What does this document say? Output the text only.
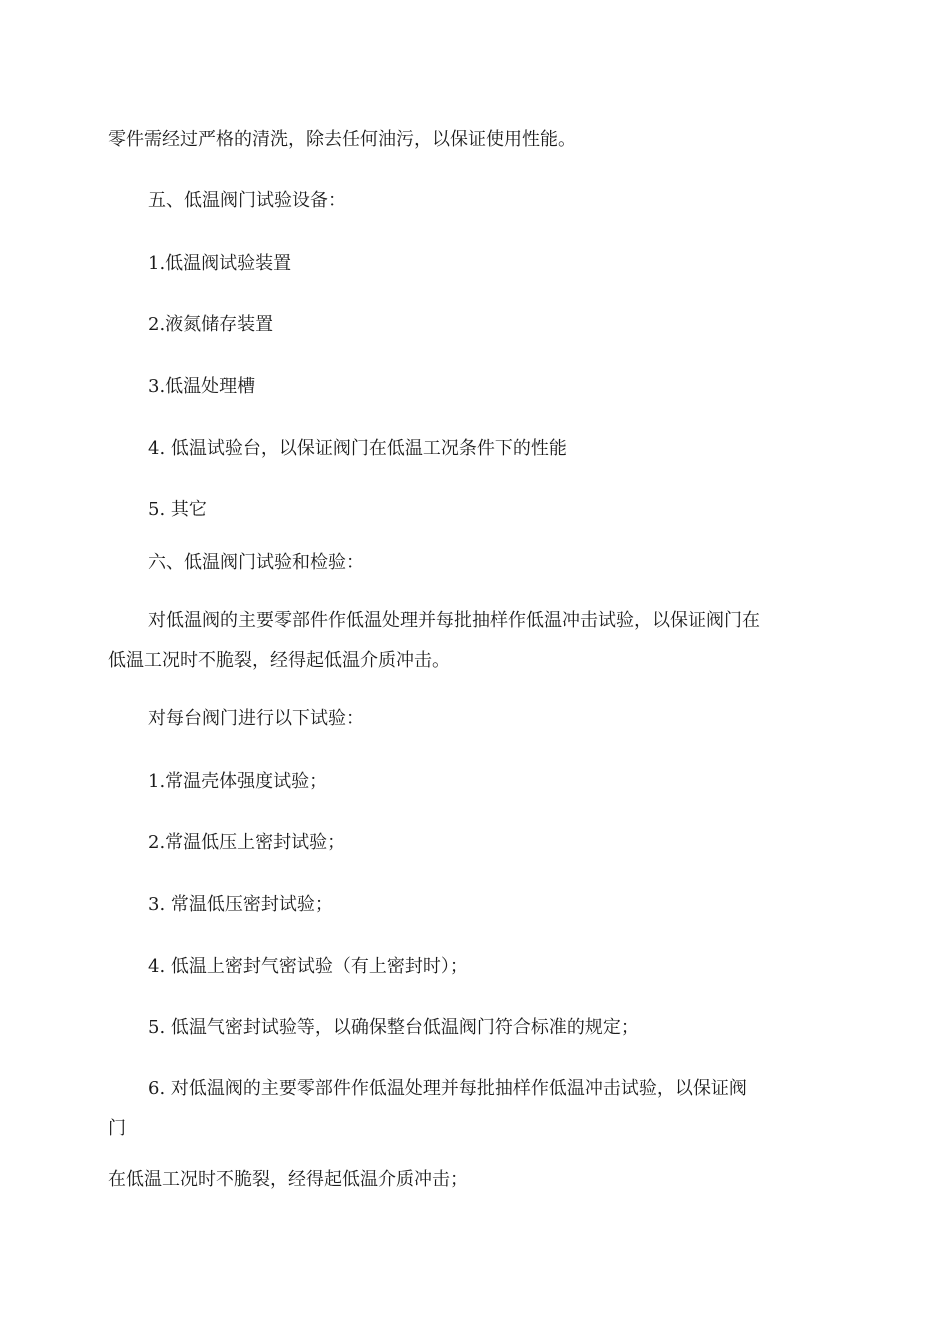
零件需经过严格的清洗，除去任何油污，以保证使用性能。
五、低温阀门试验设备：
1.低温阀试验装置
2.液氮储存装置
3.低温处理槽
4. 低温试验台，以保证阀门在低温工况条件下的性能
5. 其它
六、低温阀门试验和检验：
对低温阀的主要零部件作低温处理并每批抽样作低温冲击试验，以保证阀门在
低温工况时不脆裂，经得起低温介质冲击。
对每台阀门进行以下试验：
1.常温壳体强度试验；
2.常温低压上密封试验；
3. 常温低压密封试验；
4. 低温上密封气密试验（有上密封时）；
5. 低温气密封试验等，以确保整台低温阀门符合标准的规定；
6. 对低温阀的主要零部件作低温处理并每批抽样作低温冲击试验，以保证阀
门
在低温工况时不脆裂，经得起低温介质冲击；
